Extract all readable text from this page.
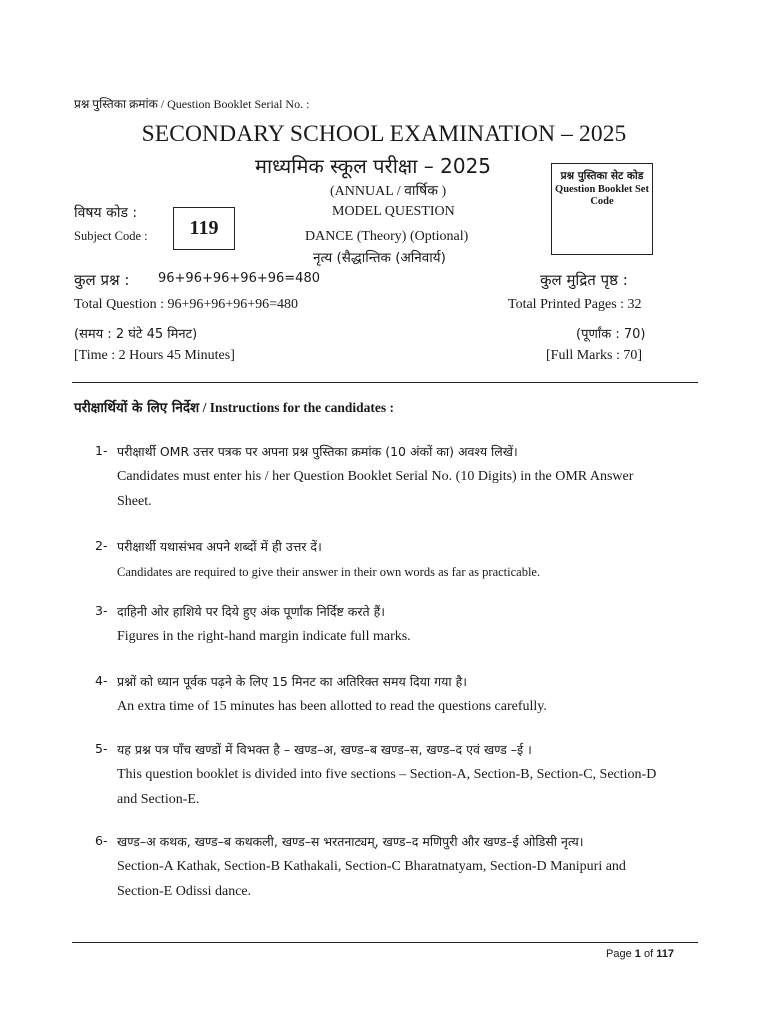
प्रश्न पुस्तिका क्रमांक / Question Booklet Serial No. :
SECONDARY SCHOOL EXAMINATION – 2025
माध्यमिक स्कूल परीक्षा – 2025
(ANNUAL / वार्षिक )
MODEL QUESTION
DANCE (Theory) (Optional)
नृत्य (सैद्धान्तिक (अनिवार्य)
प्रश्न पुस्तिका सेट कोड
Question Booklet Set Code
विषय कोड :
Subject Code : 119
कुल प्रश्न : 96+96+96+96+96=480
Total Question : 96+96+96+96+96=480
कुल मुद्रित पृष्ठ :
Total Printed Pages : 32
(समय : 2 घंटे 45 मिनट)
[Time : 2 Hours 45 Minutes]
(पूर्णांक : 70)
[Full Marks : 70]
परीक्षार्थियों के लिए निर्देश / Instructions for the candidates :
1- परीक्षार्थी OMR उत्तर पत्रक पर अपना प्रश्न पुस्तिका क्रमांक (10 अंकों का) अवश्य लिखें।
Candidates must enter his / her Question Booklet Serial No. (10 Digits) in the OMR Answer Sheet.
2- परीक्षार्थी यथासंभव अपने शब्दों में ही उत्तर दें।
Candidates are required to give their answer in their own words as far as practicable.
3- दाहिनी ओर हाशिये पर दिये हुए अंक पूर्णांक निर्दिष्ट करते हैं।
Figures in the right-hand margin indicate full marks.
4- प्रश्नों को ध्यान पूर्वक पढ़ने के लिए 15 मिनट का अतिरिक्त समय दिया गया है।
An extra time of 15 minutes has been allotted to read the questions carefully.
5- यह प्रश्न पत्र पाँच खण्डों में विभक्त है – खण्ड–अ, खण्ड–ब खण्ड–स, खण्ड–द एवं खण्ड –ई ।
This question booklet is divided into five sections – Section-A, Section-B, Section-C, Section-D and Section-E.
6- खण्ड–अ कथक, खण्ड–ब कथकली, खण्ड–स भरतनाट्यम्, खण्ड–द मणिपुरी और खण्ड–ई ओडिसी नृत्य।
Section-A Kathak, Section-B Kathakali, Section-C Bharatnatyam, Section-D Manipuri and Section-E Odissi dance.
Page 1 of 117
